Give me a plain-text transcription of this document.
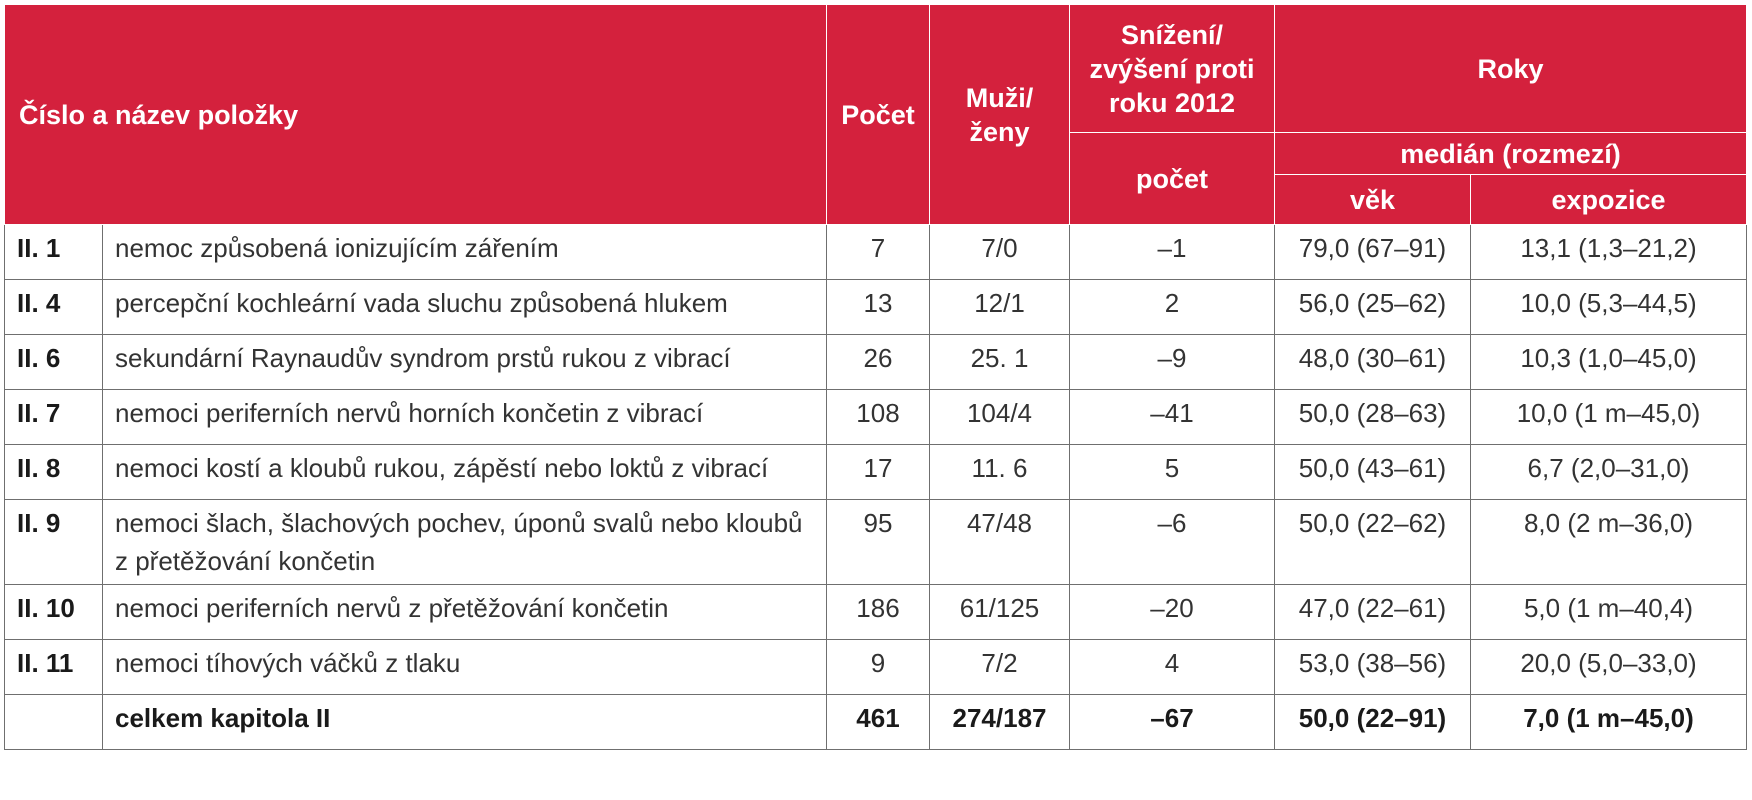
Číslo a název položky		Počet	Muži/ ženy	Snížení/ zvýšení proti roku 2012	Roky	
				počet	medián (rozmezí)	
					věk	expozice
II. 1	nemoc způsobená ionizujícím zářením	7	7/0	–1	79,0 (67–91)	13,1 (1,3–21,2)
II. 4	percepční kochleární vada sluchu způsobená hlukem	13	12/1	2	56,0 (25–62)	10,0 (5,3–44,5)
II. 6	sekundární Raynaudův syndrom prstů rukou z vibrací	26	25. 1	–9	48,0 (30–61)	10,3 (1,0–45,0)
II. 7	nemoci periferních nervů horních končetin z vibrací	108	104/4	–41	50,0 (28–63)	10,0 (1 m–45,0)
II. 8	nemoci kostí a kloubů rukou, zápěstí nebo loktů z vibrací	17	11. 6	5	50,0 (43–61)	6,7 (2,0–31,0)
II. 9	nemoci šlach, šlachových pochev, úponů svalů nebo kloubů z přetěžování končetin	95	47/48	–6	50,0 (22–62)	8,0 (2 m–36,0)
II. 10	nemoci periferních nervů z přetěžování končetin	186	61/125	–20	47,0 (22–61)	5,0 (1 m–40,4)
II. 11	nemoci tíhových váčků z tlaku	9	7/2	4	53,0 (38–56)	20,0 (5,0–33,0)
	celkem kapitola II	461	274/187	–67	50,0 (22–91)	7,0 (1 m–45,0)
